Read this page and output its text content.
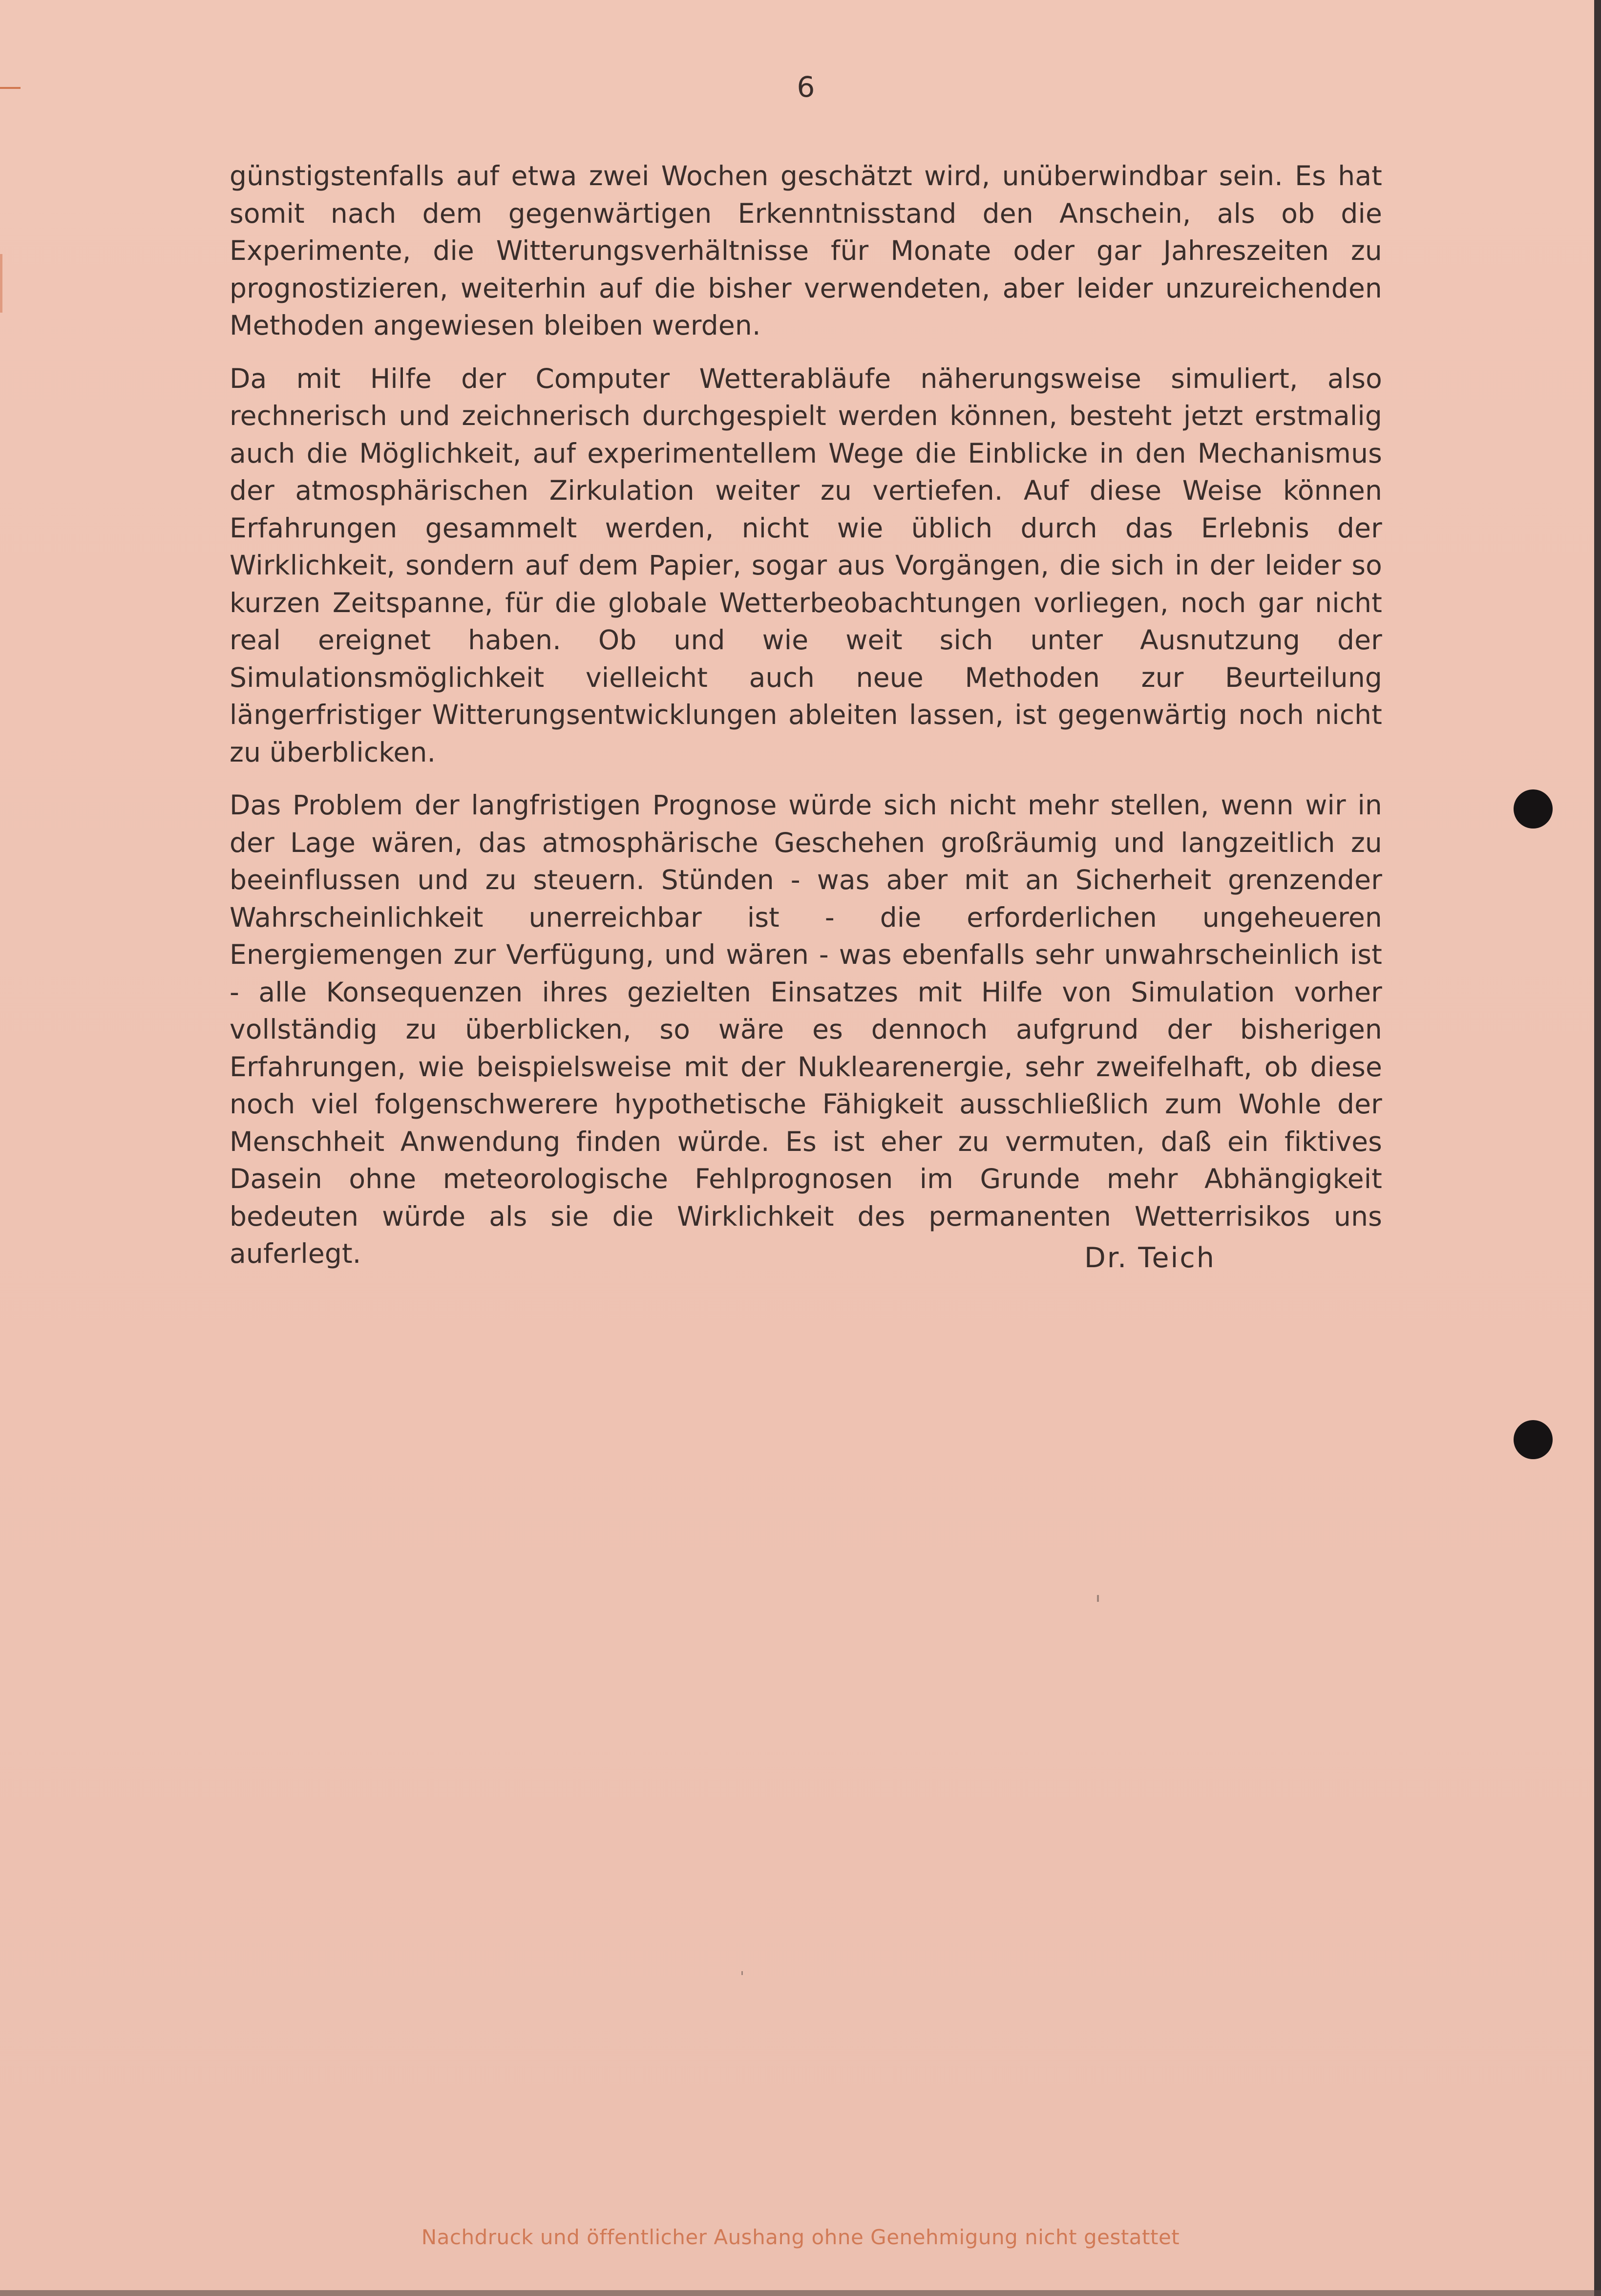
6

günstigstenfalls auf etwa zwei Wochen geschätzt wird, unüberwindbar sein. Es hat somit nach dem gegenwärtigen Erkenntnisstand den Anschein, als ob die Experimente, die Witterungsverhältnisse für Monate oder gar Jahreszeiten zu prognostizieren, weiterhin auf die bisher verwendeten, aber leider unzureichenden Methoden angewiesen bleiben werden.

Da mit Hilfe der Computer Wetterabläufe näherungsweise simuliert, also rechnerisch und zeichnerisch durchgespielt werden können, besteht jetzt erstmalig auch die Möglichkeit, auf experimentellem Wege die Einblicke in den Mechanismus der atmosphärischen Zirkulation weiter zu vertiefen. Auf diese Weise können Erfahrungen gesammelt werden, nicht wie üblich durch das Erlebnis der Wirklichkeit, sondern auf dem Papier, sogar aus Vorgängen, die sich in der leider so kurzen Zeitspanne, für die globale Wetterbeobachtungen vorliegen, noch gar nicht real ereignet haben. Ob und wie weit sich unter Ausnutzung der Simulationsmöglichkeit vielleicht auch neue Methoden zur Beurteilung längerfristiger Witterungsentwicklungen ableiten lassen, ist gegenwärtig noch nicht zu überblicken.

Das Problem der langfristigen Prognose würde sich nicht mehr stellen, wenn wir in der Lage wären, das atmosphärische Geschehen großräumig und langzeitlich zu beeinflussen und zu steuern. Stünden - was aber mit an Sicherheit grenzender Wahrscheinlichkeit unerreichbar ist - die erforderlichen ungeheueren Energiemengen zur Verfügung, und wären - was ebenfalls sehr unwahrscheinlich ist - alle Konsequenzen ihres gezielten Einsatzes mit Hilfe von Simulation vorher vollständig zu überblicken, so wäre es dennoch aufgrund der bisherigen Erfahrungen, wie beispielsweise mit der Nuklearenergie, sehr zweifelhaft, ob diese noch viel folgenschwerere hypothetische Fähigkeit ausschließlich zum Wohle der Menschheit Anwendung finden würde. Es ist eher zu vermuten, daß ein fiktives Dasein ohne meteorologische Fehlprognosen im Grunde mehr Abhängigkeit bedeuten würde als sie die Wirklichkeit des permanenten Wetterrisikos uns auferlegt.	Dr. Teich
Nachdruck und öffentlicher Aushang ohne Genehmigung nicht gestattet
